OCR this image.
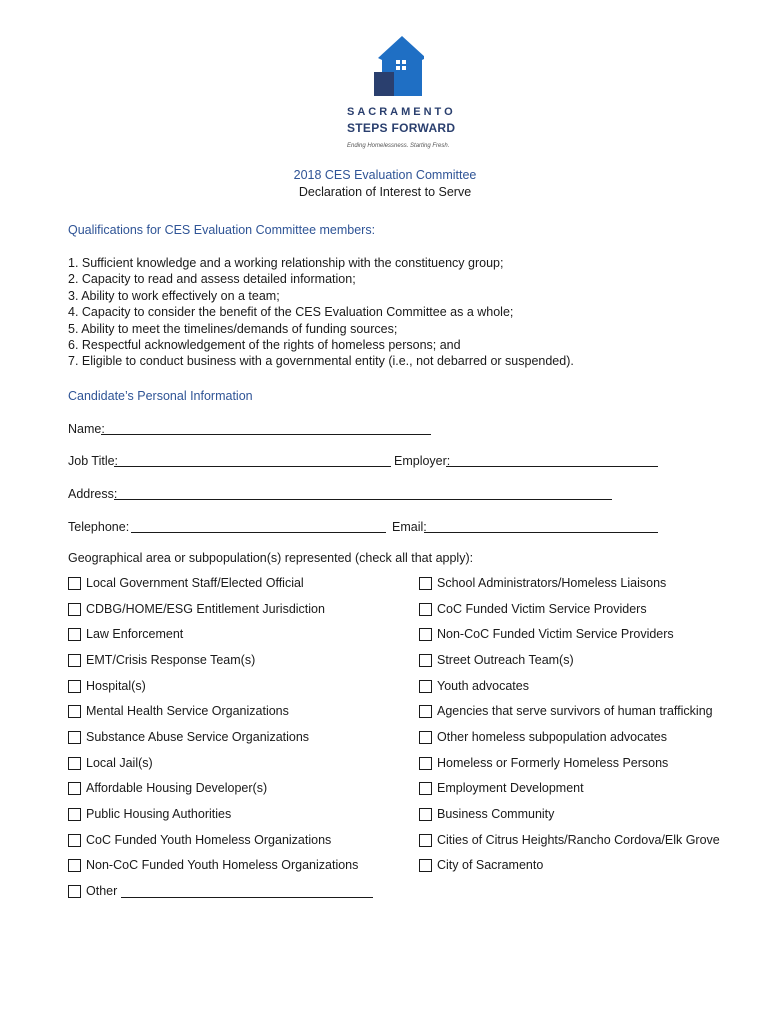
SACRAMENTO
STEPS FORWARD
Ending Homelessness. Starting Fresh.
2018 CES Evaluation Committee
Declaration of Interest to Serve
Qualifications for CES Evaluation Committee members:
1. Sufficient knowledge and a working relationship with the constituency group;
2. Capacity to read and assess detailed information;
3. Ability to work effectively on a team;
4. Capacity to consider the benefit of the CES Evaluation Committee as a whole;
5. Ability to meet the timelines/demands of funding sources;
6. Respectful acknowledgement of the rights of homeless persons; and
7. Eligible to conduct business with a governmental entity (i.e., not debarred or suspended).
Candidate’s Personal Information
Name:
Job Title:	Employer:
Address:
Telephone:	Email:
Geographical area or subpopulation(s) represented (check all that apply):
Local Government Staff/Elected Official
CDBG/HOME/ESG Entitlement Jurisdiction
Law Enforcement
EMT/Crisis Response Team(s)
Hospital(s)
Mental Health Service Organizations
Substance Abuse Service Organizations
Local Jail(s)
Affordable Housing Developer(s)
Public Housing Authorities
CoC Funded Youth Homeless Organizations
Non-CoC Funded Youth Homeless Organizations
Other
School Administrators/Homeless Liaisons
CoC Funded Victim Service Providers
Non-CoC Funded Victim Service Providers
Street Outreach Team(s)
Youth advocates
Agencies that serve survivors of human trafficking
Other homeless subpopulation advocates
Homeless or Formerly Homeless Persons
Employment Development
Business Community
Cities of Citrus Heights/Rancho Cordova/Elk Grove
City of Sacramento
